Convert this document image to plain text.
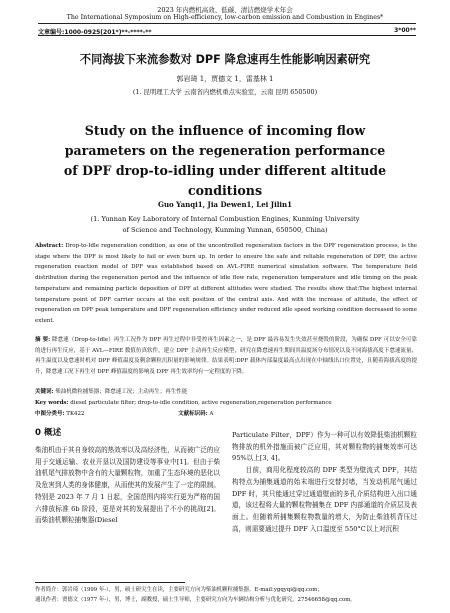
2023 年内燃机高效、低碳、清洁燃烧学术年会
The International Symposium on High-efficiency, low-carbon emission and Combustion in Engines*
文章编号:1000-0925(201*)**-****-**	3*00**
不同海拔下来流参数对 DPF 降怠速再生性能影响因素研究
郭岩琦 1，贾德文 1，雷基林 1
(1. 昆明理工大学 云南省内燃机重点实验室，云南 昆明 650500)
Study on the influence of incoming flow parameters on the regeneration performance of DPF drop-to-idling under different altitude conditions
Guo Yanqi1, Jia Dewen1, Lei Jilin1
(1. Yunnan Key Laboratory of Internal Combustion Engines, Kunming University of Science and Technology, Kunming Yunnan, 650500, China)
Abstract: Drop-to-Idle regeneration condition, as one of the uncontrolled regeneration factors in the DPF regeneration process, is the stage where the DPF is most likely to fail or even burn up. In order to ensure the safe and reliable regeneration of DPF, the active regeneration reaction model of DPF was established based on AVL-FIRE numerical simulation software. The temperature field distribution during the regeneration period and the influence of idle flow rate, regeneration temperature and idle timing on the peak temperature and remaining particle deposition of DPF at different altitudes were studied. The results show that:The highest internal temperature point of DPF carrier occurs at the exit position of the central axis. And with the increase of altitude, the effect of regeneration on DPF peak temperature and DPF regeneration efficiency under reduced idle speed working condition decreased to some extent.
摘 要: 降怠速（Drop-to-Idle）再生工况作为 DPF 再生过程中非受控再生因素之一，是 DPF 最容易发生失效甚至烧毁的阶段，为确保 DPF 可以安全可靠的进行再生反应，基于 AVL—FIRE 数值仿真软件，建立 DPF 主动再生反应模型，研究在降怠速再生期间其温度场分布情况以及不同海拔高度下怠速流量、再生温度以及怠速时机对 DPF 峰值温度及剩余颗粒沉积量的影响规律。结果表明:DPF 载体内部温度最高点出现在中轴线出口位置处，且随着海拔高度的提升，降怠速工况下再生对 DPF 峰值温度的影响及 DPF 再生效率均有一定程度的下降。
关键词: 柴油机微粒捕集器；降怠速工况；主动再生；再生性能
Key words: diesel particulate filter; drop-to-idle condition, active regeneration,regeneration performance
中图分类号: TK422	文献标识码: A
0 概述
柴油机由于其自身较高的热效率以及高经济性，从而被广泛的应用于交通运输、农业开垦以及国防建设等事业中[1]。但由于柴油机尾气排放物中含有的大量颗粒物，加重了生态环境的恶化以及危害到人类的身体健康，从而使其的发展产生了一定的限制。特别是 2023 年 7 月 1 日起，全国范围内将实行更为严格的国六排放标准 6b 阶段，更是对其的发展提出了不小的挑战[2]。而柴油机颗粒捕集器(Diesel
Particulate Filter，DPF）作为一种可以有效降低柴油机颗粒物排放的机外措施而被广泛应用，其对颗粒物的捕集效率可达 95%以上[3, 4]。
　　目前，商用化程度较高的 DPF 类型为壁流式 DPF，其结构特点为捕集通道的始末端进行交替封堵，当发动机尾气通过 DPF 时，其只能通过穿过通道壁面的多孔介质结构进入出口通道，该过程将大量的颗粒物捕集在 DPF 内部通道的介质层及表面上。但随着所捕集颗粒物数量的增大，为防止柴油机背压过高，则需要通过提升 DPF 入口温度至 550°C以上对沉积
作者简介：郭岩琦（1999 年-），男，硕士研究生在读，主要研究方向为柴油机颗粒捕集器。E-mail:ygqyqi@qq.com；
通讯作者：贾德文（1977 年-），男，博士，副教授，硕士生导师，主要研究方向为车辆结构分析与优化研究，27546658@qq.com。
